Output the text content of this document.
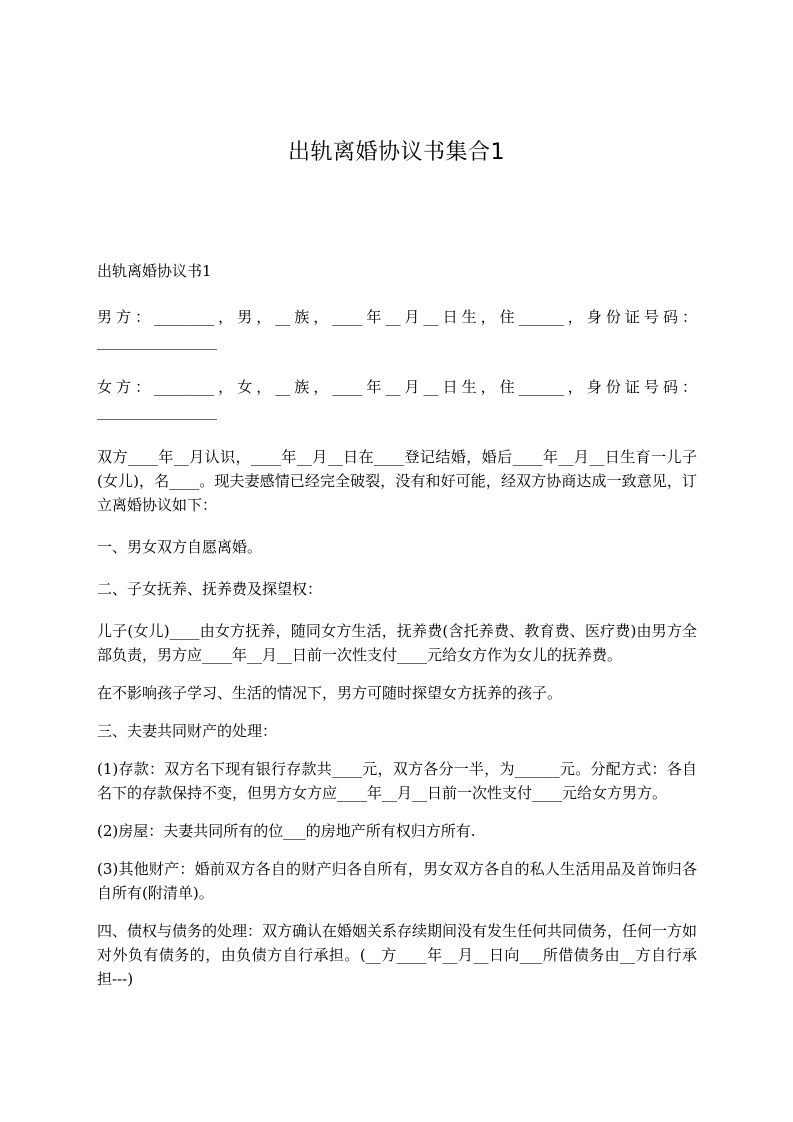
出轨离婚协议书集合1

出轨离婚协议书1

男方：________，男，__族，____年__月__日生，住______，身份证号码：________________

女方：________，女，__族，____年__月__日生，住______，身份证号码：________________

双方____年__月认识，____年__月__日在____登记结婚，婚后____年__月__日生育一儿子(女儿)，名____。现夫妻感情已经完全破裂，没有和好可能，经双方协商达成一致意见，订立离婚协议如下：

一、男女双方自愿离婚。

二、子女抚养、抚养费及探望权：

儿子(女儿)____由女方抚养，随同女方生活，抚养费(含托养费、教育费、医疗费)由男方全部负责，男方应____年__月__日前一次性支付____元给女方作为女儿的抚养费。

在不影响孩子学习、生活的情况下，男方可随时探望女方抚养的孩子。

三、夫妻共同财产的处理：

(1)存款：双方名下现有银行存款共____元，双方各分一半，为______元。分配方式：各自名下的存款保持不变，但男方女方应____年__月__日前一次性支付____元给女方男方。

(2)房屋：夫妻共同所有的位___的房地产所有权归方所有.

(3)其他财产：婚前双方各自的财产归各自所有，男女双方各自的私人生活用品及首饰归各自所有(附清单)。

四、债权与债务的处理：双方确认在婚姻关系存续期间没有发生任何共同债务，任何一方如对外负有债务的，由负债方自行承担。(__方____年__月__日向___所借债务由__方自行承担---)
